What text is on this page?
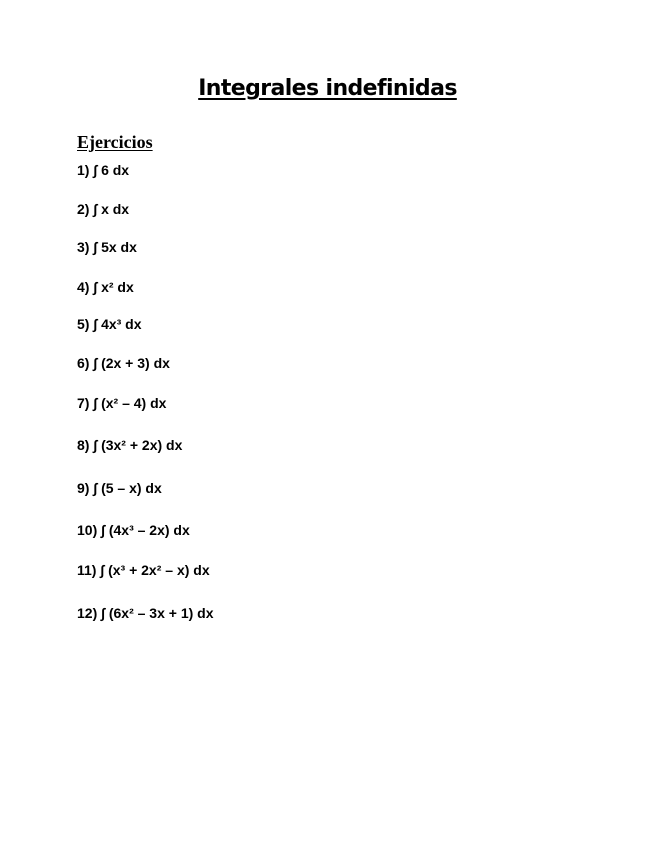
Integrales indefinidas
Ejercicios
1) ∫ 6 dx
2) ∫ x dx
3) ∫ 5x dx
4) ∫ x² dx
5) ∫ 4x³ dx
6) ∫ (2x + 3) dx
7) ∫ (x² – 4) dx
8) ∫ (3x² + 2x) dx
9) ∫ (5 – x) dx
10) ∫ (4x³ – 2x) dx
11) ∫ (x³ + 2x² – x) dx
12) ∫ (6x² – 3x + 1) dx
